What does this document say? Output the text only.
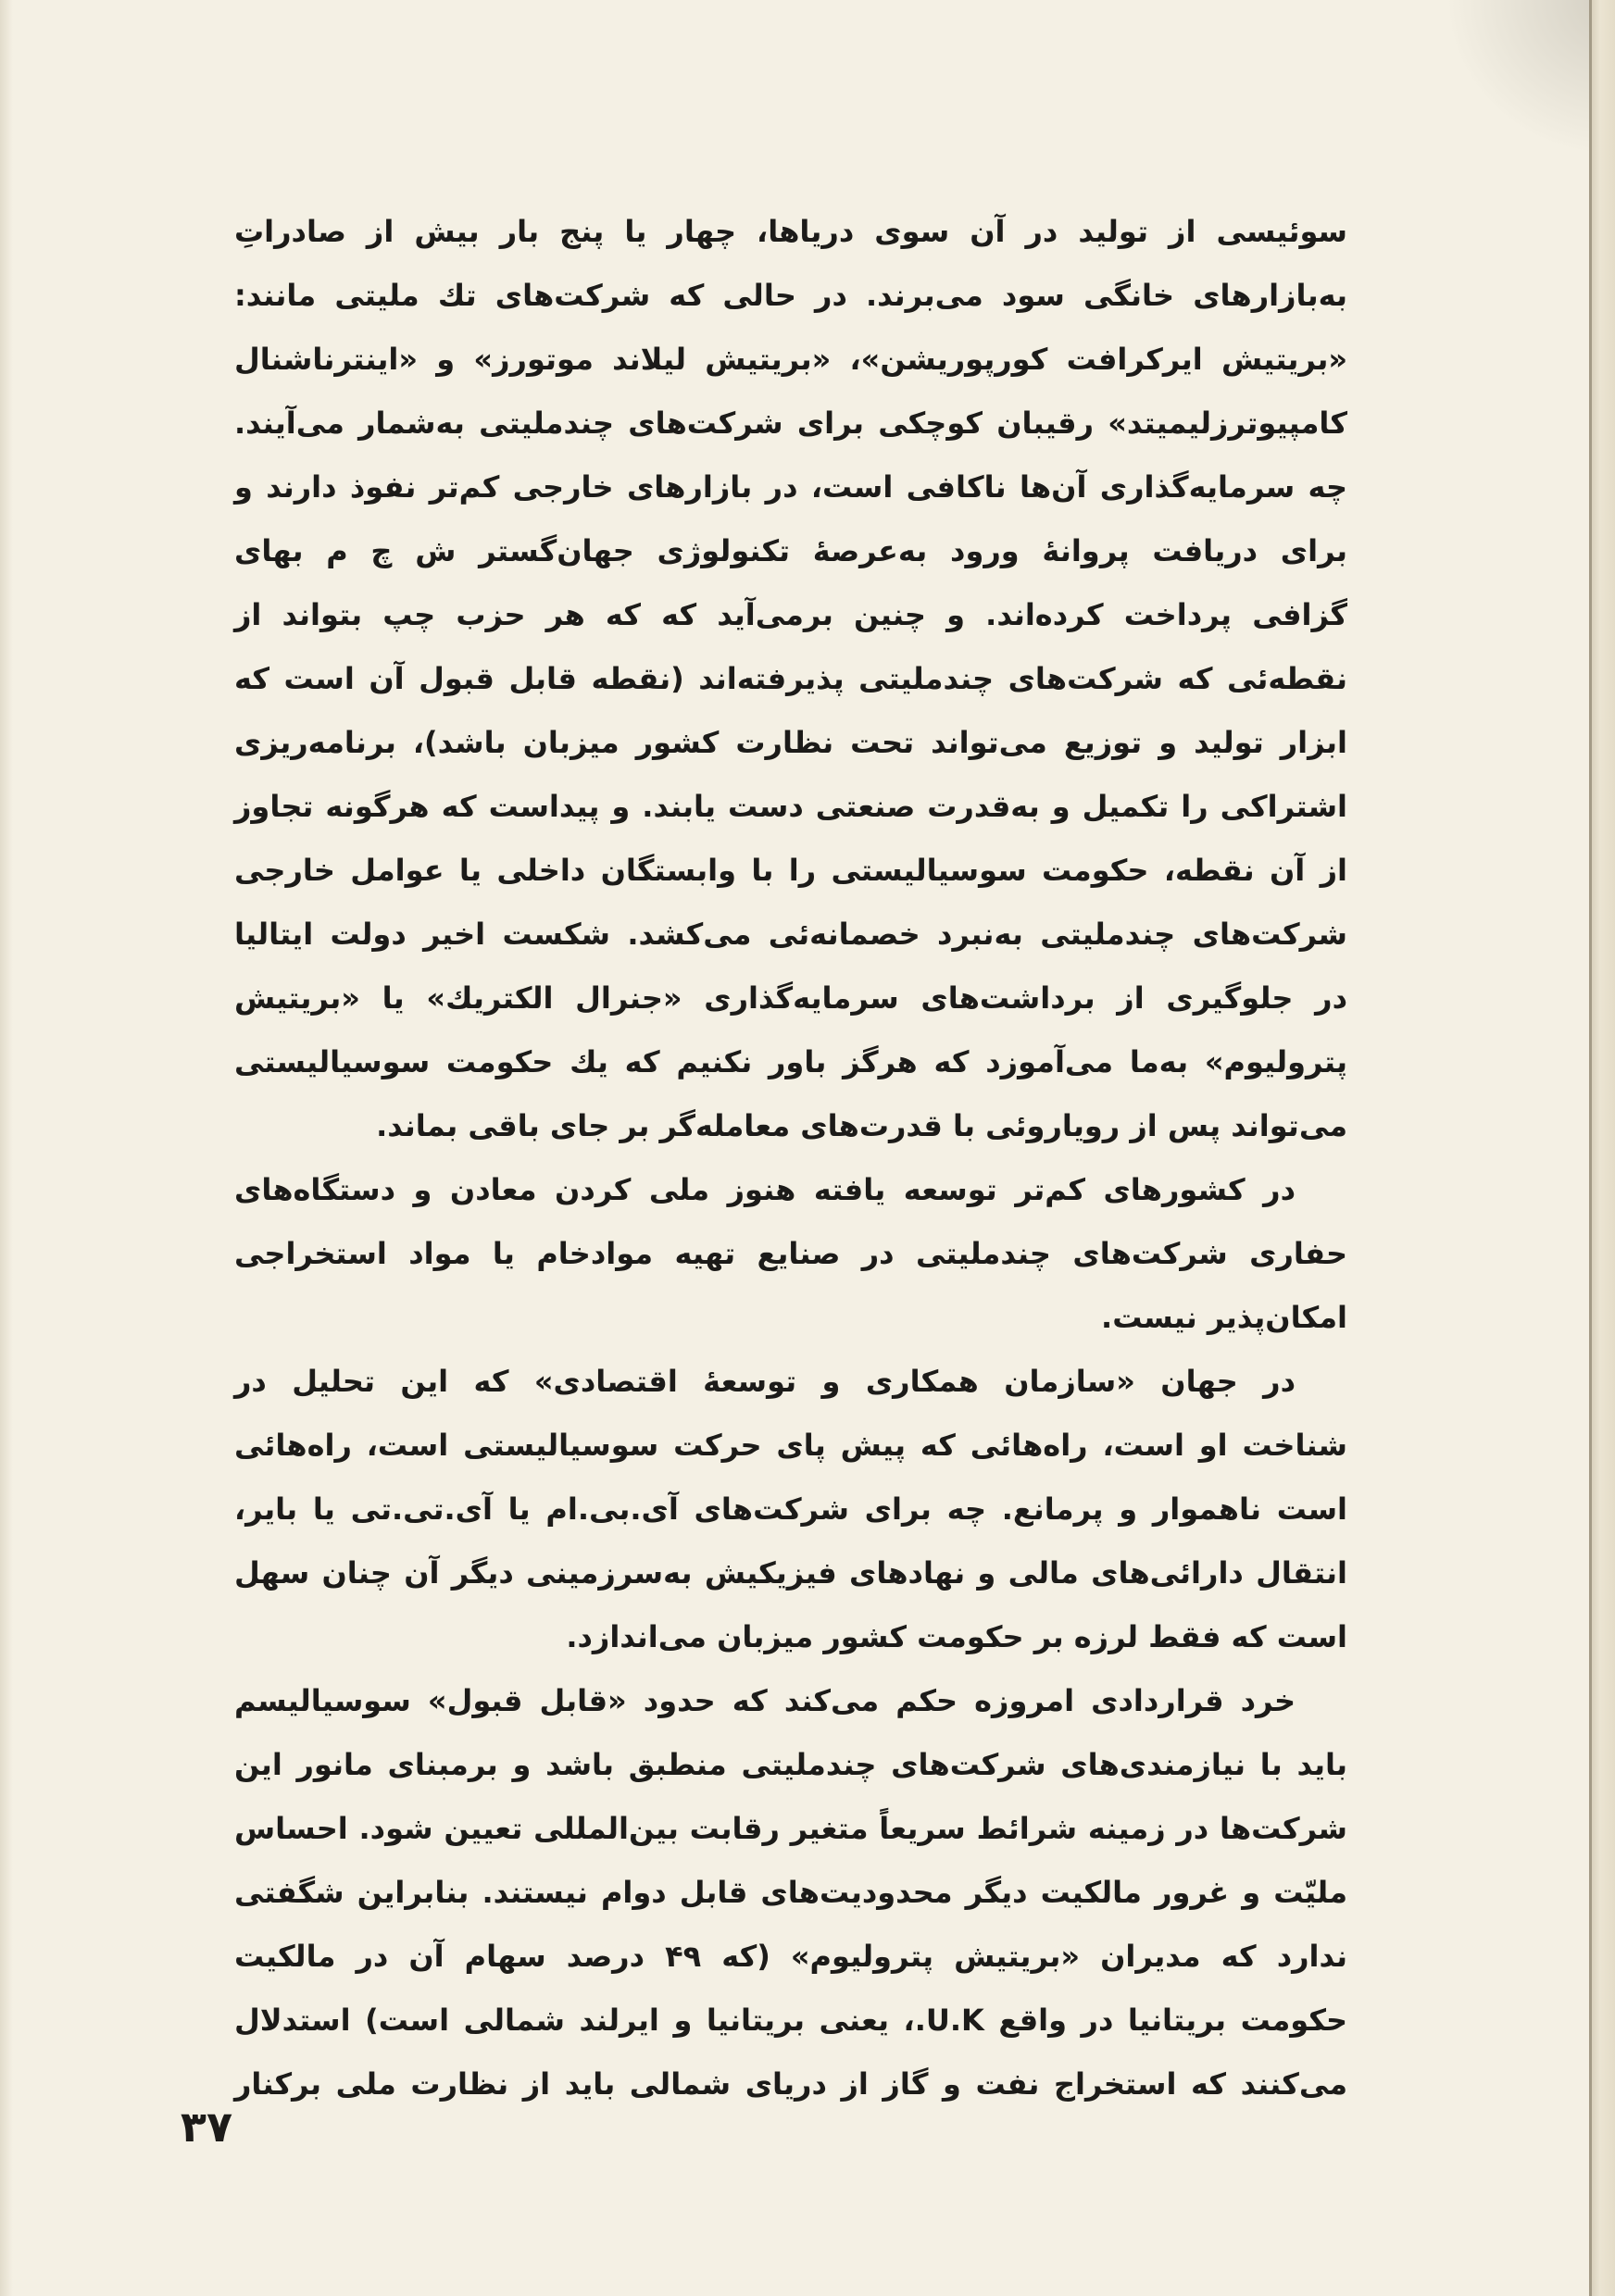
سوئیسی از تولید در آن سوی دریاها، چهار یا پنج بار بیش از صادراتِ
به‌بازارهای خانگی سود می‌برند. در حالی که شرکت‌های تك ملیتی مانند:
«بریتیش ایرکرافت کورپوریشن»، «بریتیش لیلاند موتورز» و «اینترناشنال
کامپیوترزلیمیتد» رقیبان کوچکی برای شرکت‌های چندملیتی به‌شمار می‌آیند.
چه سرمایه‌گذاری آن‌ها ناکافی است، در بازارهای خارجی کم‌تر نفوذ دارند و
برای دریافت پروانهٔ ورود به‌عرصهٔ تکنولوژی جهان‌گستر ش چ م بهای
گزافی پرداخت کرده‌اند. و چنین برمی‌آید که که هر حزب چپ بتواند از
نقطه‌ئی که شرکت‌های چندملیتی پذیرفته‌اند (نقطه قابل قبول آن است که
ابزار تولید و توزیع می‌تواند تحت نظارت کشور میزبان باشد)، برنامه‌ریزی
اشتراکی را تکمیل و به‌قدرت صنعتی دست یابند. و پیداست که هرگونه تجاوز
از آن نقطه، حکومت سوسیالیستی را با وابستگان داخلی یا عوامل خارجی
شرکت‌های چندملیتی به‌نبرد خصمانه‌ئی می‌کشد. شکست اخیر دولت ایتالیا
در جلوگیری از برداشت‌های سرمایه‌گذاری «جنرال الکتریك» یا «بریتیش
پترولیوم» به‌ما می‌آموزد که هرگز باور نکنیم که یك حکومت سوسیالیستی
می‌تواند پس از رویاروئی با قدرت‌های معامله‌گر بر جای باقی بماند.
در کشورهای کم‌تر توسعه یافته هنوز ملی کردن معادن و دستگاه‌های
حفاری شرکت‌های چندملیتی در صنایع تهیه موادخام یا مواد استخراجی
امکان‌پذیر نیست.
در جهان «سازمان همکاری و توسعهٔ اقتصادی» که این تحلیل در
شناخت او است، راه‌هائی که پیش پای حرکت سوسیالیستی است، راه‌هائی
است ناهموار و پرمانع. چه برای شرکت‌های آی.بی.ام یا آی.تی.تی یا بایر،
انتقال دارائی‌های مالی و نهادهای فیزیکیش به‌سرزمینی دیگر آن چنان سهل
است که فقط لرزه بر حکومت کشور میزبان می‌اندازد.
خرد قراردادی امروزه حکم می‌کند که حدود «قابل قبول» سوسیالیسم
باید با نیازمندی‌های شرکت‌های چندملیتی منطبق باشد و برمبنای مانور این
شرکت‌ها در زمینه شرائط سریعاً متغیر رقابت بین‌المللی تعیین شود. احساس
ملیّت و غرور مالکیت دیگر محدودیت‌های قابل دوام نیستند. بنابراین شگفتی
ندارد که مدیران «بریتیش پترولیوم» (که ۴۹ درصد سهام آن در مالکیت
حکومت بریتانیا در واقع U.K.، یعنی بریتانیا و ایرلند شمالی است) استدلال
می‌کنند که استخراج نفت و گاز از دریای شمالی باید از نظارت ملی برکنار
۳۷
